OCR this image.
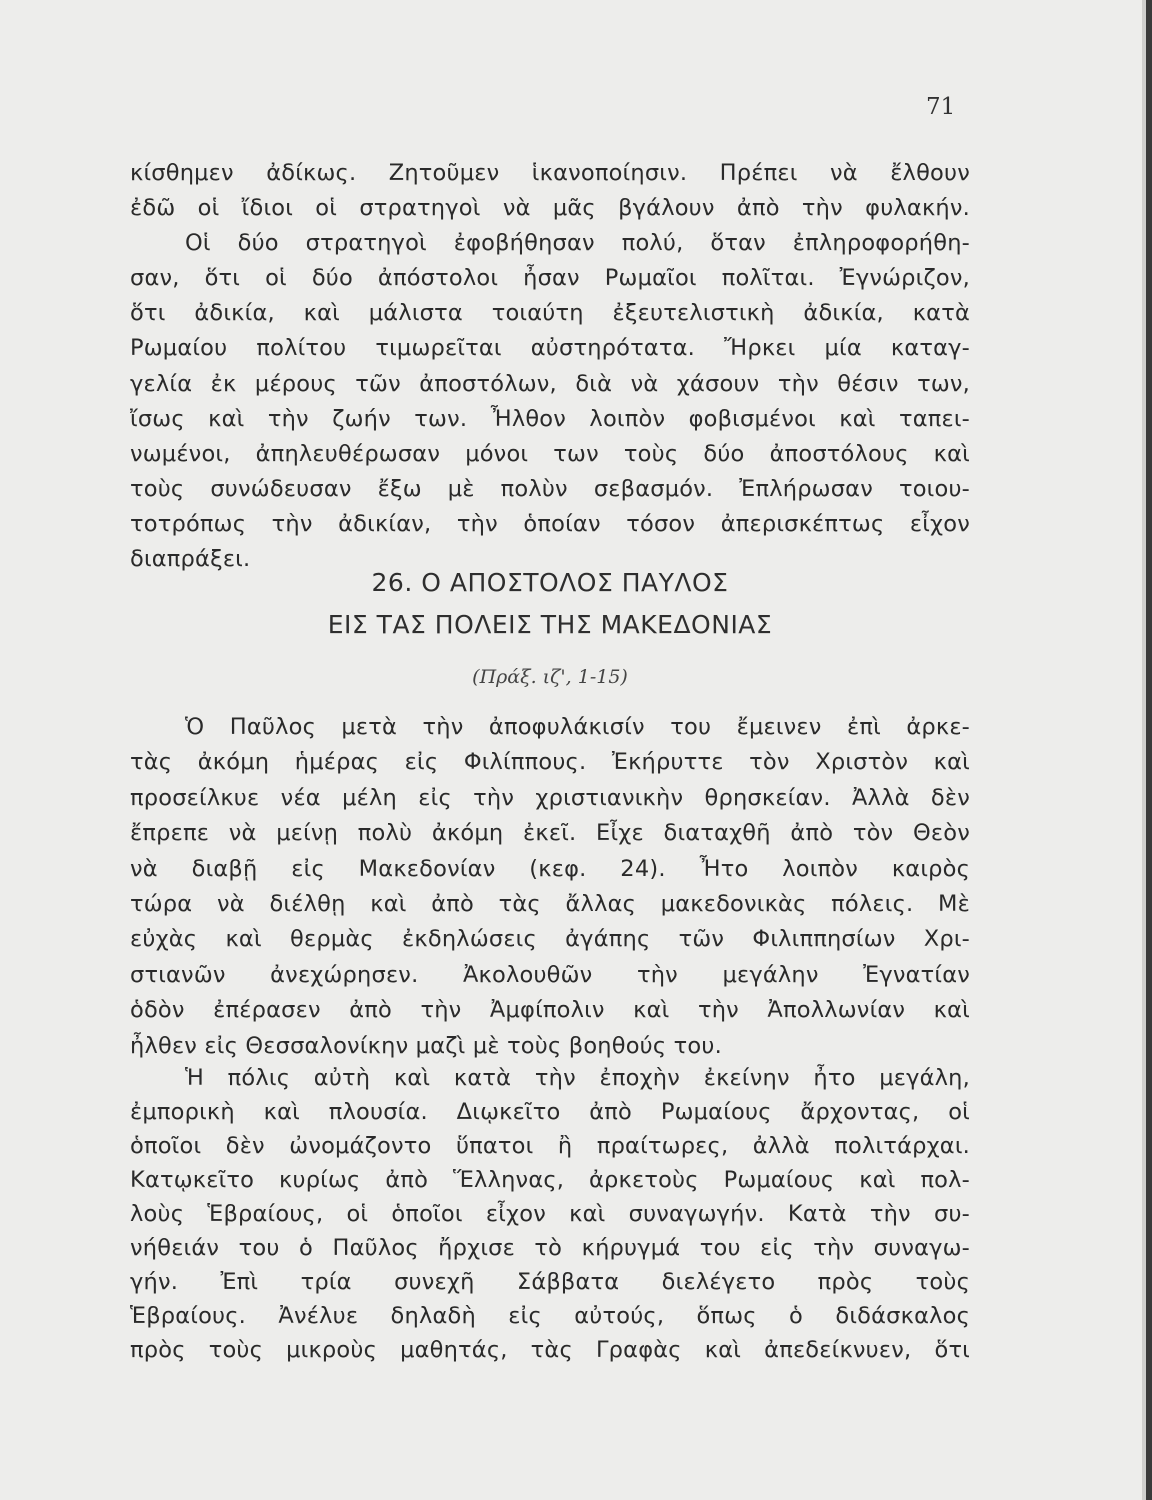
71
κίσθημεν ἀδίκως. Ζητοῦμεν ἱκανοποίησιν. Πρέπει νὰ ἔλθουν
ἐδῶ οἱ ἴδιοι οἱ στρατηγοὶ νὰ μᾶς βγάλουν ἀπὸ τὴν φυλακήν.
Οἱ δύο στρατηγοὶ ἐφοβήθησαν πολύ, ὅταν ἐπληροφορήθη-
σαν, ὅτι οἱ δύο ἀπόστολοι ἦσαν Ρωμαῖοι πολῖται. Ἐγνώριζον,
ὅτι ἀδικία, καὶ μάλιστα τοιαύτη ἐξευτελιστικὴ ἀδικία, κατὰ
Ρωμαίου πολίτου τιμωρεῖται αὐστηρότατα. Ἤρκει μία καταγ-
γελία ἐκ μέρους τῶν ἀποστόλων, διὰ νὰ χάσουν τὴν θέσιν των,
ἴσως καὶ τὴν ζωήν των. Ἦλθον λοιπὸν φοβισμένοι καὶ ταπει-
νωμένοι, ἀπηλευθέρωσαν μόνοι των τοὺς δύο ἀποστόλους καὶ
τοὺς συνώδευσαν ἔξω μὲ πολὺν σεβασμόν. Ἐπλήρωσαν τοιου-
τοτρόπως τὴν ἀδικίαν, τὴν ὁποίαν τόσον ἀπερισκέπτως εἶχον
διαπράξει.
26. Ο ΑΠΟΣΤΟΛΟΣ ΠΑΥΛΟΣ
ΕΙΣ ΤΑΣ ΠΟΛΕΙΣ ΤΗΣ ΜΑΚΕΔΟΝΙΑΣ
(Πράξ. ιζ', 1-15)
Ὁ Παῦλος μετὰ τὴν ἀποφυλάκισίν του ἔμεινεν ἐπὶ ἀρκε-
τὰς ἀκόμη ἡμέρας εἰς Φιλίππους. Ἐκήρυττε τὸν Χριστὸν καὶ
προσείλκυε νέα μέλη εἰς τὴν χριστιανικὴν θρησκείαν. Ἀλλὰ δὲν
ἔπρεπε νὰ μείνῃ πολὺ ἀκόμη ἐκεῖ. Εἶχε διαταχθῆ ἀπὸ τὸν Θεὸν
νὰ διαβῇ εἰς Μακεδονίαν (κεφ. 24). Ἦτο λοιπὸν καιρὸς
τώρα νὰ διέλθῃ καὶ ἀπὸ τὰς ἄλλας μακεδονικὰς πόλεις. Μὲ
εὐχὰς καὶ θερμὰς ἐκδηλώσεις ἀγάπης τῶν Φιλιππησίων Χρι-
στιανῶν ἀνεχώρησεν. Ἀκολουθῶν τὴν μεγάλην Ἐγνατίαν
ὁδὸν ἐπέρασεν ἀπὸ τὴν Ἀμφίπολιν καὶ τὴν Ἀπολλωνίαν καὶ
ἦλθεν εἰς Θεσσαλονίκην μαζὶ μὲ τοὺς βοηθούς του.
Ἡ πόλις αὐτὴ καὶ κατὰ τὴν ἐποχὴν ἐκείνην ἦτο μεγάλη,
ἐμπορικὴ καὶ πλουσία. Διῳκεῖτο ἀπὸ Ρωμαίους ἄρχοντας, οἱ
ὁποῖοι δὲν ὠνομάζοντο ὕπατοι ἢ πραίτωρες, ἀλλὰ πολιτάρχαι.
Κατῳκεῖτο κυρίως ἀπὸ Ἕλληνας, ἀρκετοὺς Ρωμαίους καὶ πολ-
λοὺς Ἑβραίους, οἱ ὁποῖοι εἶχον καὶ συναγωγήν. Κατὰ τὴν συ-
νήθειάν του ὁ Παῦλος ἤρχισε τὸ κήρυγμά του εἰς τὴν συναγω-
γήν. Ἐπὶ τρία συνεχῆ Σάββατα διελέγετο πρὸς τοὺς
Ἑβραίους. Ἀνέλυε δηλαδὴ εἰς αὐτούς, ὅπως ὁ διδάσκαλος
πρὸς τοὺς μικροὺς μαθητάς, τὰς Γραφὰς καὶ ἀπεδείκνυεν, ὅτι
